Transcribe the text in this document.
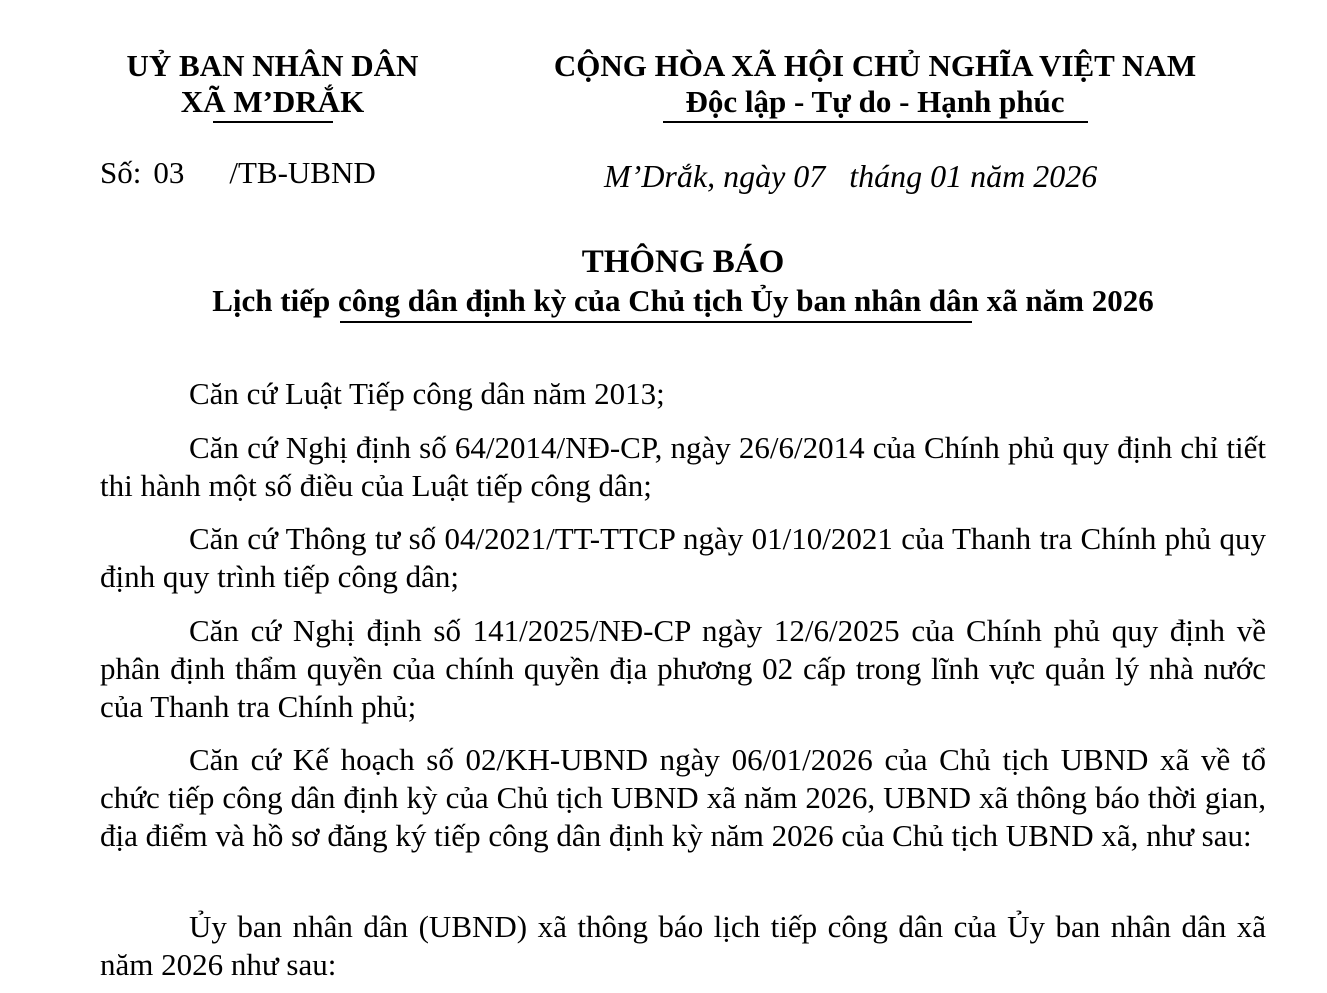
UỶ BAN NHÂN DÂN
XÃ M’DRẮK
CỘNG HÒA XÃ HỘI CHỦ NGHĨA VIỆT NAM
Độc lập - Tự do - Hạnh phúc
Số: 03 /TB-UBND	M’Drắk, ngày 07   tháng 01 năm 2026
THÔNG BÁO
Lịch tiếp công dân định kỳ của Chủ tịch Ủy ban nhân dân xã năm 2026

Căn cứ Luật Tiếp công dân năm 2013;

Căn cứ Nghị định số 64/2014/NĐ-CP, ngày 26/6/2014 của Chính phủ quy định chỉ tiết thi hành một số điều của Luật tiếp công dân;

Căn cứ Thông tư số 04/2021/TT-TTCP ngày 01/10/2021 của Thanh tra Chính phủ quy định quy trình tiếp công dân;

Căn cứ Nghị định số 141/2025/NĐ-CP ngày 12/6/2025 của Chính phủ quy định về phân định thẩm quyền của chính quyền địa phương 02 cấp trong lĩnh vực quản lý nhà nước của Thanh tra Chính phủ;

Căn cứ Kế hoạch số 02/KH-UBND ngày 06/01/2026 của Chủ tịch UBND xã về tổ chức tiếp công dân định kỳ của Chủ tịch UBND xã năm 2026, UBND xã thông báo thời gian, địa điểm và hồ sơ đăng ký tiếp công dân định kỳ năm 2026 của Chủ tịch UBND xã, như sau:

Ủy ban nhân dân (UBND) xã thông báo lịch tiếp công dân của Ủy ban nhân dân xã năm 2026 như sau:
